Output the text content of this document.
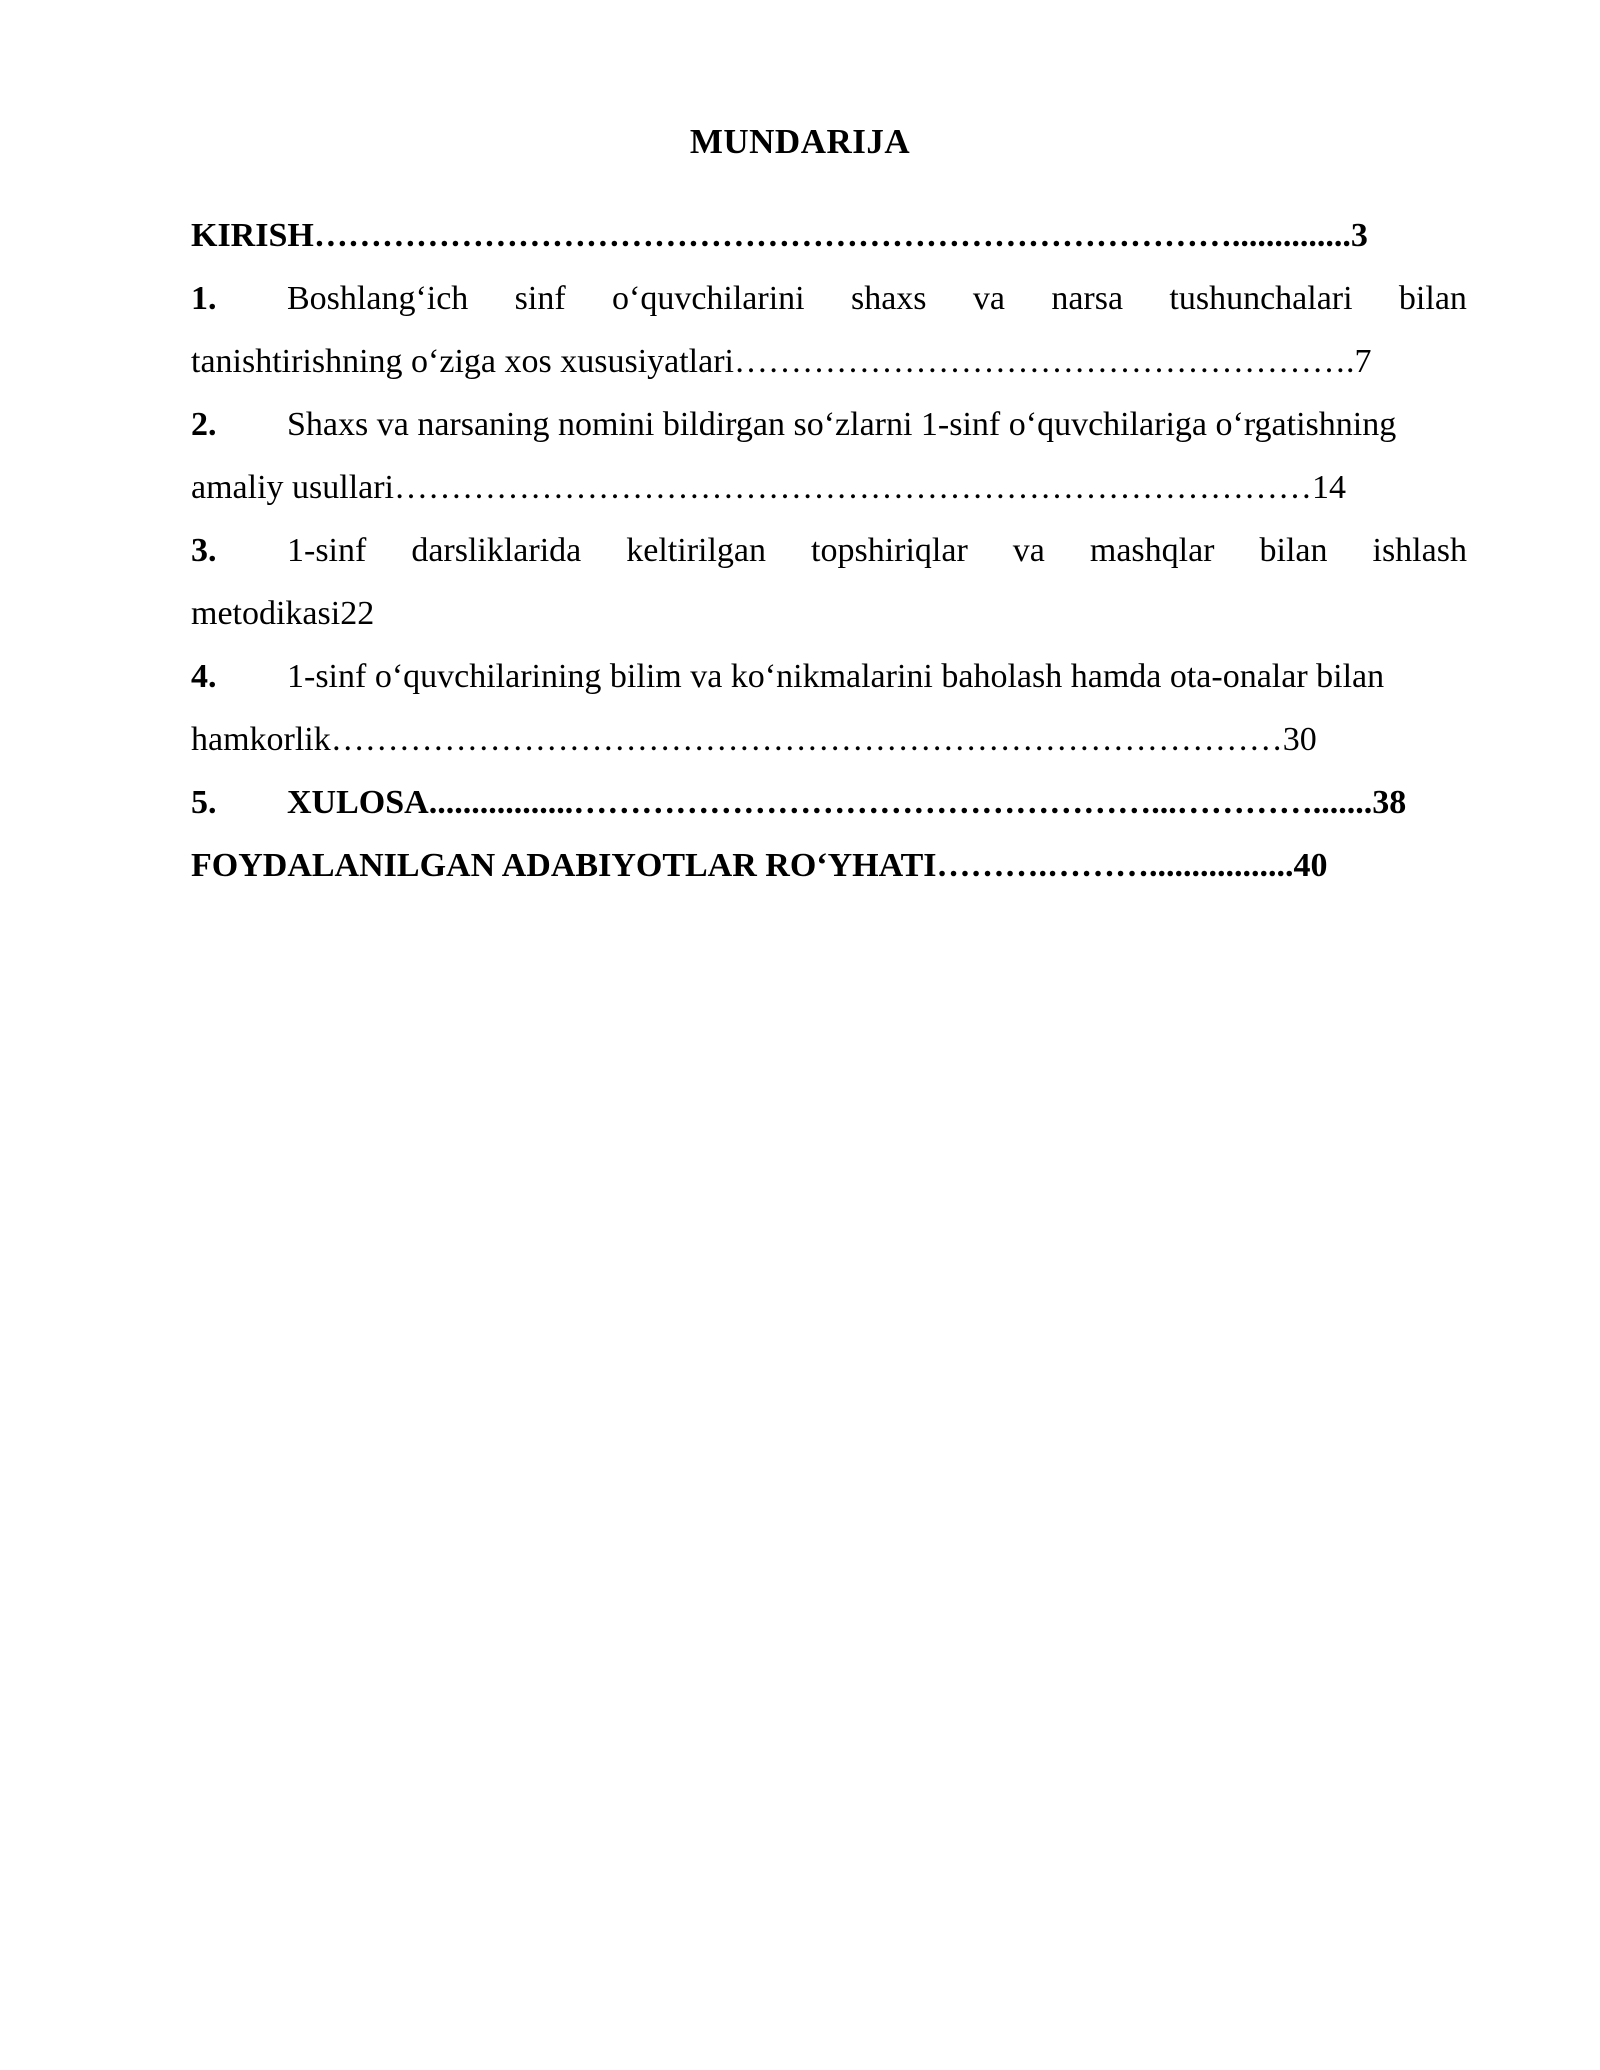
MUNDARIJA
KIRISH………………………………………………………………………..............3
1. Boshlang‘ich sinf o‘quvchilarini shaxs va narsa tushunchalari bilan
tanishtirishning o‘ziga xos xususiyatlari……………………………………………….7
2. Shaxs va narsaning nomini bildirgan so‘zlarni 1-sinf o‘quvchilariga o‘rgatishning
amaliy usullari………………………………………………………………………14
3. 1-sinf darsliklarida keltirilgan topshiriqlar va mashqlar bilan ishlash
metodikasi22
4. 1-sinf o‘quvchilarining bilim va ko‘nikmalarini baholash hamda ota-onalar bilan
hamkorlik…………………………………………………………………………30
5. XULOSA.................……………………………………………...………….......38
FOYDALANILGAN ADABIYOTLAR RO‘YHATI……….……….................40
